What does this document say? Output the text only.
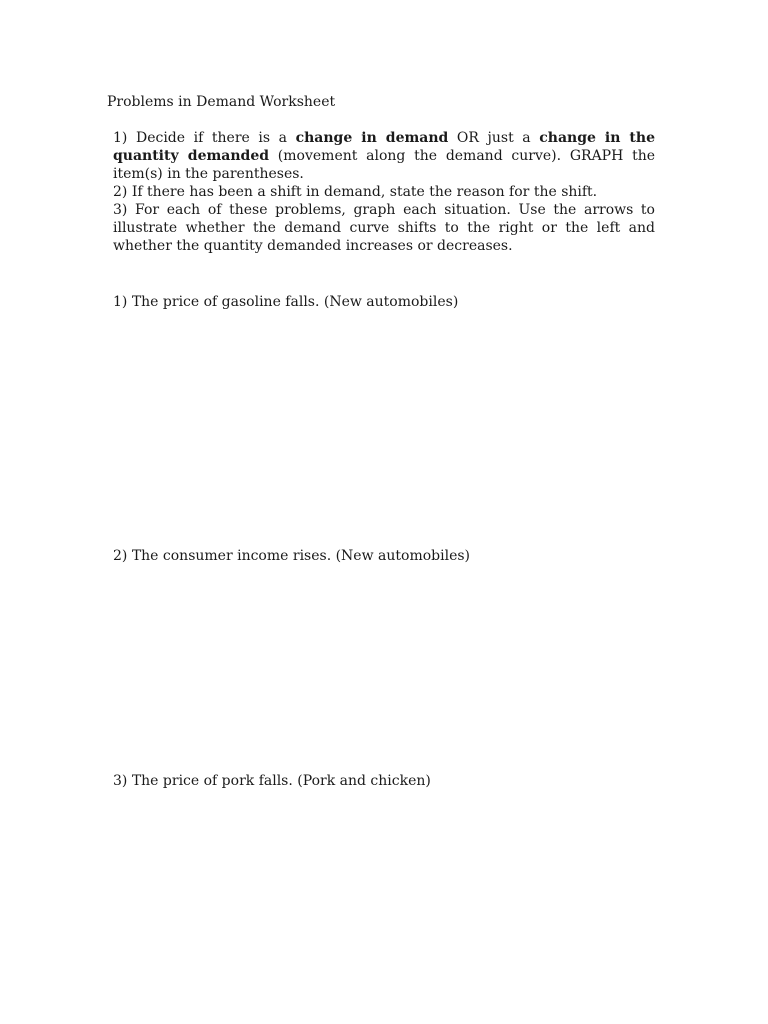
Problems in Demand Worksheet

1) Decide if there is a change in demand OR just a change in the quantity demanded (movement along the demand curve). GRAPH the item(s) in the parentheses.

2) If there has been a shift in demand, state the reason for the shift.

3) For each of these problems, graph each situation. Use the arrows to illustrate whether the demand curve shifts to the right or the left and whether the quantity demanded increases or decreases.

1) The price of gasoline falls. (New automobiles)
2) The consumer income rises. (New automobiles)
3) The price of pork falls. (Pork and chicken)
